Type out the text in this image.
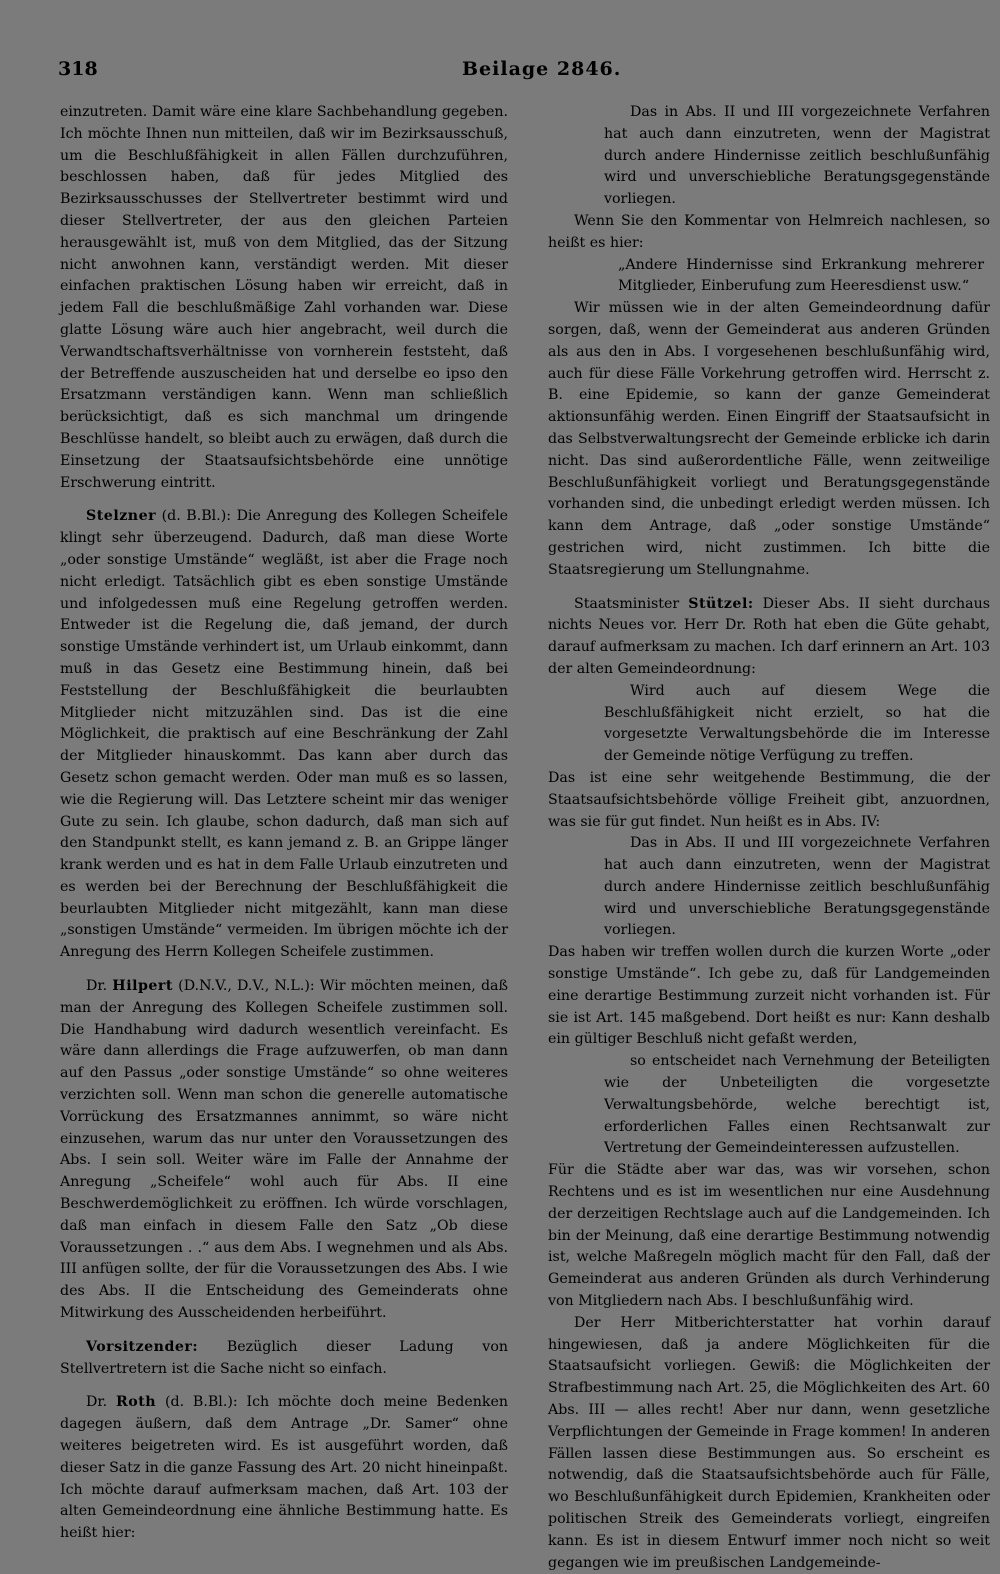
318	Beilage 2846.

einzutreten. Damit wäre eine klare Sachbehandlung gegeben. Ich möchte Ihnen nun mitteilen, daß wir im Bezirksausschuß, um die Beschlußfähigkeit in allen Fällen durchzuführen, beschlossen haben, daß für jedes Mitglied des Bezirksausschusses der Stellvertreter bestimmt wird und dieser Stellvertreter, der aus den gleichen Parteien herausgewählt ist, muß von dem Mitglied, das der Sitzung nicht anwohnen kann, verständigt werden. Mit dieser einfachen praktischen Lösung haben wir erreicht, daß in jedem Fall die beschlußmäßige Zahl vorhanden war. Diese glatte Lösung wäre auch hier angebracht, weil durch die Verwandtschaftsverhältnisse von vornherein feststeht, daß der Betreffende auszuscheiden hat und derselbe eo ipso den Ersatzmann verständigen kann. Wenn man schließlich berücksichtigt, daß es sich manchmal um dringende Beschlüsse handelt, so bleibt auch zu erwägen, daß durch die Einsetzung der Staatsaufsichtsbehörde eine unnötige Erschwerung eintritt.

Stelzner (d. B.Bl.): Die Anregung des Kollegen Scheifele klingt sehr überzeugend. Dadurch, daß man diese Worte „oder sonstige Umstände“ wegläßt, ist aber die Frage noch nicht erledigt. Tatsächlich gibt es eben sonstige Umstände und infolgedessen muß eine Regelung getroffen werden. Entweder ist die Regelung die, daß jemand, der durch sonstige Umstände verhindert ist, um Urlaub einkommt, dann muß in das Gesetz eine Bestimmung hinein, daß bei Feststellung der Beschlußfähigkeit die beurlaubten Mitglieder nicht mitzuzählen sind. Das ist die eine Möglichkeit, die praktisch auf eine Beschränkung der Zahl der Mitglieder hinauskommt. Das kann aber durch das Gesetz schon gemacht werden. Oder man muß es so lassen, wie die Regierung will. Das Letztere scheint mir das weniger Gute zu sein. Ich glaube, schon dadurch, daß man sich auf den Standpunkt stellt, es kann jemand z. B. an Grippe länger krank werden und es hat in dem Falle Urlaub einzutreten und es werden bei der Berechnung der Beschlußfähigkeit die beurlaubten Mitglieder nicht mitgezählt, kann man diese „sonstigen Umstände“ vermeiden. Im übrigen möchte ich der Anregung des Herrn Kollegen Scheifele zustimmen.

Dr. Hilpert (D.N.V., D.V., N.L.): Wir möchten meinen, daß man der Anregung des Kollegen Scheifele zustimmen soll. Die Handhabung wird dadurch wesentlich vereinfacht. Es wäre dann allerdings die Frage aufzuwerfen, ob man dann auf den Passus „oder sonstige Umstände“ so ohne weiteres verzichten soll. Wenn man schon die generelle automatische Vorrückung des Ersatzmannes annimmt, so wäre nicht einzusehen, warum das nur unter den Voraussetzungen des Abs. I sein soll. Weiter wäre im Falle der Annahme der Anregung „Scheifele“ wohl auch für Abs. II eine Beschwerdemöglichkeit zu eröffnen. Ich würde vorschlagen, daß man einfach in diesem Falle den Satz „Ob diese Voraussetzungen . .“ aus dem Abs. I wegnehmen und als Abs. III anfügen sollte, der für die Voraussetzungen des Abs. I wie des Abs. II die Entscheidung des Gemeinderats ohne Mitwirkung des Ausscheidenden herbeiführt.

Vorsitzender: Bezüglich dieser Ladung von Stellvertretern ist die Sache nicht so einfach.

Dr. Roth (d. B.Bl.): Ich möchte doch meine Bedenken dagegen äußern, daß dem Antrage „Dr. Samer“ ohne weiteres beigetreten wird. Es ist ausgeführt worden, daß dieser Satz in die ganze Fassung des Art. 20 nicht hineinpaßt. Ich möchte darauf aufmerksam machen, daß Art. 103 der alten Gemeindeordnung eine ähnliche Bestimmung hatte. Es heißt hier:

Das in Abs. II und III vorgezeichnete Verfahren hat auch dann einzutreten, wenn der Magistrat durch andere Hindernisse zeitlich beschlußunfähig wird und unverschiebliche Beratungsgegenstände vorliegen.

Wenn Sie den Kommentar von Helmreich nachlesen, so heißt es hier:

„Andere Hindernisse sind Erkrankung mehrerer Mitglieder, Einberufung zum Heeresdienst usw.“

Wir müssen wie in der alten Gemeindeordnung dafür sorgen, daß, wenn der Gemeinderat aus anderen Gründen als aus den in Abs. I vorgesehenen beschlußunfähig wird, auch für diese Fälle Vorkehrung getroffen wird. Herrscht z. B. eine Epidemie, so kann der ganze Gemeinderat aktionsunfähig werden. Einen Eingriff der Staatsaufsicht in das Selbstverwaltungsrecht der Gemeinde erblicke ich darin nicht. Das sind außerordentliche Fälle, wenn zeitweilige Beschlußunfähigkeit vorliegt und Beratungsgegenstände vorhanden sind, die unbedingt erledigt werden müssen. Ich kann dem Antrage, daß „oder sonstige Umstände“ gestrichen wird, nicht zustimmen. Ich bitte die Staatsregierung um Stellungnahme.

Staatsminister Stützel: Dieser Abs. II sieht durchaus nichts Neues vor. Herr Dr. Roth hat eben die Güte gehabt, darauf aufmerksam zu machen. Ich darf erinnern an Art. 103 der alten Gemeindeordnung:

Wird auch auf diesem Wege die Beschlußfähigkeit nicht erzielt, so hat die vorgesetzte Verwaltungsbehörde die im Interesse der Gemeinde nötige Verfügung zu treffen.

Das ist eine sehr weitgehende Bestimmung, die der Staatsaufsichtsbehörde völlige Freiheit gibt, anzuordnen, was sie für gut findet. Nun heißt es in Abs. IV:

Das in Abs. II und III vorgezeichnete Verfahren hat auch dann einzutreten, wenn der Magistrat durch andere Hindernisse zeitlich beschlußunfähig wird und unverschiebliche Beratungsgegenstände vorliegen.

Das haben wir treffen wollen durch die kurzen Worte „oder sonstige Umstände“. Ich gebe zu, daß für Landgemeinden eine derartige Bestimmung zurzeit nicht vorhanden ist. Für sie ist Art. 145 maßgebend. Dort heißt es nur: Kann deshalb ein gültiger Beschluß nicht gefaßt werden,

so entscheidet nach Vernehmung der Beteiligten wie der Unbeteiligten die vorgesetzte Verwaltungsbehörde, welche berechtigt ist, erforderlichen Falles einen Rechtsanwalt zur Vertretung der Gemeindeinteressen aufzustellen.

Für die Städte aber war das, was wir vorsehen, schon Rechtens und es ist im wesentlichen nur eine Ausdehnung der derzeitigen Rechtslage auch auf die Landgemeinden. Ich bin der Meinung, daß eine derartige Bestimmung notwendig ist, welche Maßregeln möglich macht für den Fall, daß der Gemeinderat aus anderen Gründen als durch Verhinderung von Mitgliedern nach Abs. I beschlußunfähig wird.

Der Herr Mitberichterstatter hat vorhin darauf hingewiesen, daß ja andere Möglichkeiten für die Staatsaufsicht vorliegen. Gewiß: die Möglichkeiten der Strafbestimmung nach Art. 25, die Möglichkeiten des Art. 60 Abs. III — alles recht! Aber nur dann, wenn gesetzliche Verpflichtungen der Gemeinde in Frage kommen! In anderen Fällen lassen diese Bestimmungen aus. So erscheint es notwendig, daß die Staatsaufsichtsbehörde auch für Fälle, wo Beschlußunfähigkeit durch Epidemien, Krankheiten oder politischen Streik des Gemeinderats vorliegt, eingreifen kann. Es ist in diesem Entwurf immer noch nicht so weit gegangen wie im preußischen Landgemeinde-
